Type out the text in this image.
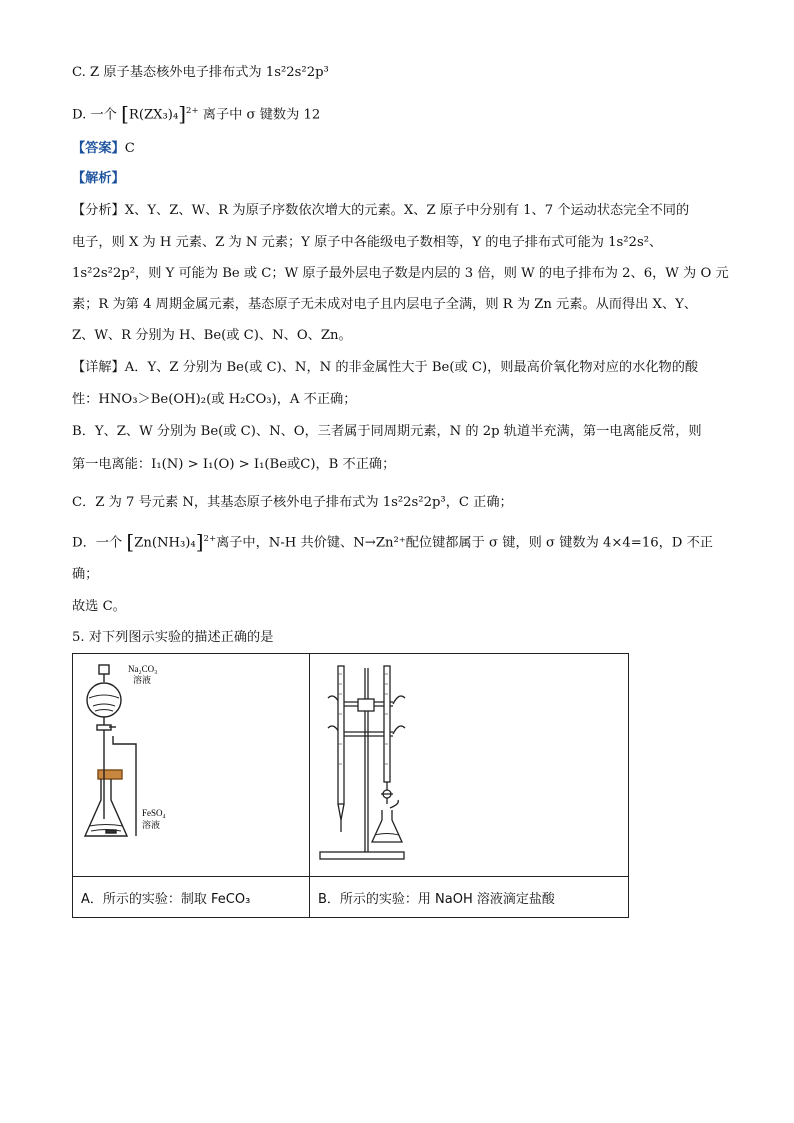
C. Z 原子基态核外电子排布式为 1s²2s²2p³
D. 一个 $[R(ZX_3)_4]^{2+}$ 离子中 σ 键数为 12
【答案】C
【解析】
【分析】X、Y、Z、W、R 为原子序数依次增大的元素。X、Z 原子中分别有 1、7 个运动状态完全不同的
电子，则 X 为 H 元素、Z 为 N 元素；Y 原子中各能级电子数相等，Y 的电子排布式可能为 1s²2s²、
1s²2s²2p²，则 Y 可能为 Be 或 C；W 原子最外层电子数是内层的 3 倍，则 W 的电子排布为 2、6，W 为 O 元
素；R 为第 4 周期金属元素，基态原子无未成对电子且内层电子全满，则 R 为 Zn 元素。从而得出 X、Y、
Z、W、R 分别为 H、Be(或 C)、N、O、Zn。
【详解】A．Y、Z 分别为 Be(或 C)、N，N 的非金属性大于 Be(或 C)，则最高价氧化物对应的水化物的酸
性：HNO₃＞Be(OH)₂(或 H₂CO₃)，A 不正确；
B．Y、Z、W 分别为 Be(或 C)、N、O，三者属于同周期元素，N 的 2p 轨道半充满，第一电离能反常，则
第一电离能：I₁(N) > I₁(O) > I₁(Be或C)，B 不正确；
C．Z 为 7 号元素 N，其基态原子核外电子排布式为 1s²2s²2p³，C 正确；
D．一个 $[Zn(NH_3)_4]^{2+}$离子中，N-H 共价键、N→Zn²⁺配位键都属于 σ 键，则 σ 键数为 4×4=16，D 不正
确；
故选 C。
5. 对下列图示实验的描述正确的是
Na₂CO₃
溶液
FeSO₄
溶液

A．所示的实验：制取 FeCO₃	B．所示的实验：用 NaOH 溶液滴定盐酸
